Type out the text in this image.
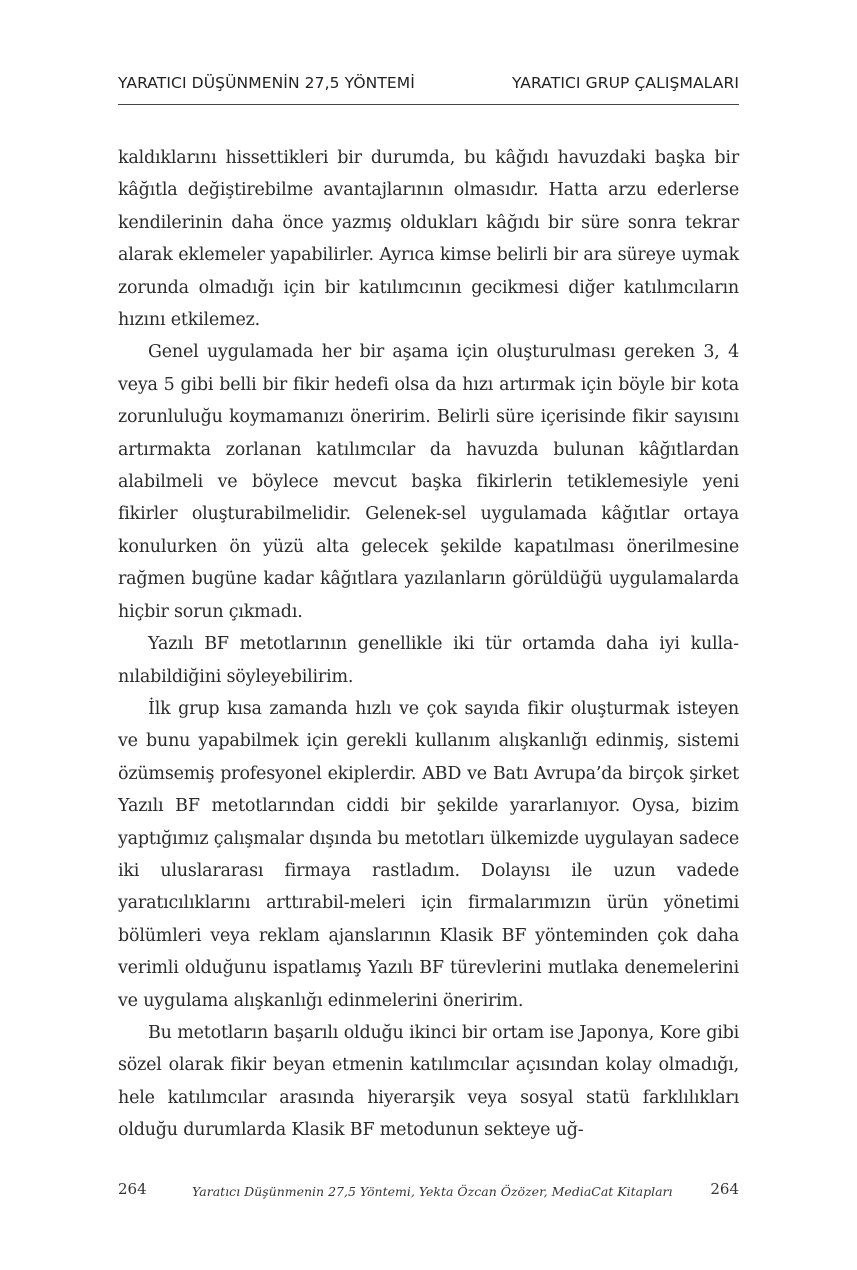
YARATICI DÜŞÜNMENİN 27,5 YÖNTEMİ	YARATICI GRUP ÇALIŞMALARI

kaldıklarını hissettikleri bir durumda, bu kâğıdı havuzdaki başka bir kâğıtla değiştirebilme avantajlarının olmasıdır. Hatta arzu ederlerse kendilerinin daha önce yazmış oldukları kâğıdı bir süre sonra tekrar alarak eklemeler yapabilirler. Ayrıca kimse belirli bir ara süreye uymak zorunda olmadığı için bir katılımcının gecikmesi diğer katılımcıların hızını etkilemez.

Genel uygulamada her bir aşama için oluşturulması gereken 3, 4 veya 5 gibi belli bir fikir hedefi olsa da hızı artırmak için böyle bir kota zorunluluğu koymamanızı öneririm. Belirli süre içerisinde fikir sayısını artırmakta zorlanan katılımcılar da havuzda bulunan kâğıtlardan alabilmeli ve böylece mevcut başka fikirlerin tetiklemesiyle yeni fikirler oluşturabilmelidir. Gelenek-sel uygulamada kâğıtlar ortaya konulurken ön yüzü alta gelecek şekilde kapatılması önerilmesine rağmen bugüne kadar kâğıtlara yazılanların görüldüğü uygulamalarda hiçbir sorun çıkmadı.

Yazılı BF metotlarının genellikle iki tür ortamda daha iyi kullanılabildiğini söyleyebilirim.

İlk grup kısa zamanda hızlı ve çok sayıda fikir oluşturmak isteyen ve bunu yapabilmek için gerekli kullanım alışkanlığı edinmiş, sistemi özümsemiş profesyonel ekiplerdir. ABD ve Batı Avrupa’da birçok şirket Yazılı BF metotlarından ciddi bir şekilde yararlanıyor. Oysa, bizim yaptığımız çalışmalar dışında bu metotları ülkemizde uygulayan sadece iki uluslararası firmaya rastladım. Dolayısı ile uzun vadede yaratıcılıklarını arttırabil-meleri için firmalarımızın ürün yönetimi bölümleri veya reklam ajanslarının Klasik BF yönteminden çok daha verimli olduğunu ispatlamış Yazılı BF türevlerini mutlaka denemelerini ve uygulama alışkanlığı edinmelerini öneririm.

Bu metotların başarılı olduğu ikinci bir ortam ise Japonya, Kore gibi sözel olarak fikir beyan etmenin katılımcılar açısından kolay olmadığı, hele katılımcılar arasında hiyerarşik veya sosyal statü farklılıkları olduğu durumlarda Klasik BF metodunun sekteye uğ-

264	Yaratıcı Düşünmenin 27,5 Yöntemi, Yekta Özcan Özözer, MediaCat Kitapları	264
